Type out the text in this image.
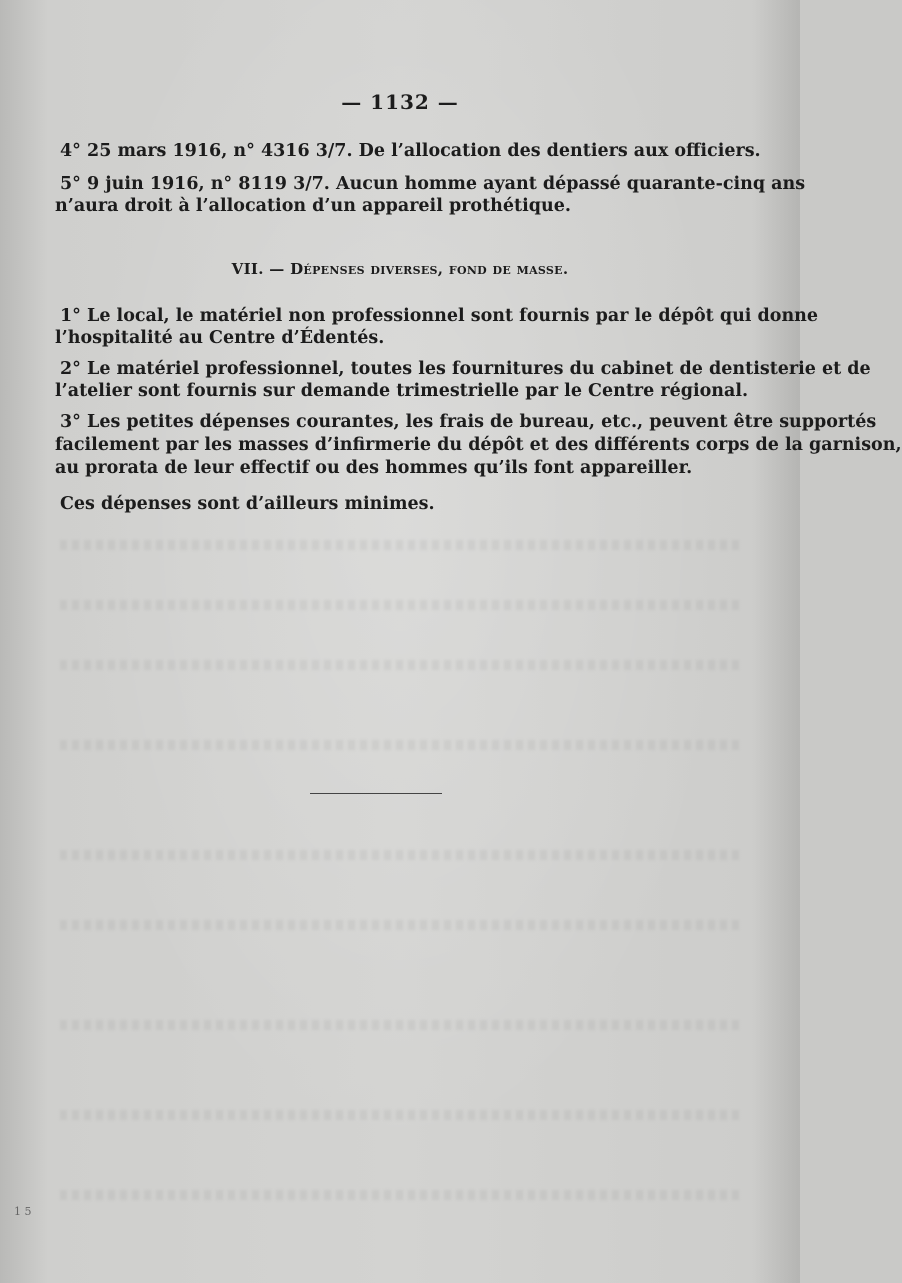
— 1132 —
4° 25 mars 1916, n° 4316 3/7. De l’allocation des dentiers aux officiers.
5° 9 juin 1916, n° 8119 3/7. Aucun homme ayant dépassé quarante-cinq ans
n’aura droit à l’allocation d’un appareil prothétique.
VII. — Dépenses diverses, fond de masse.
1° Le local, le matériel non professionnel sont fournis par le dépôt qui donne
l’hospitalité au Centre d’Édentés.
2° Le matériel professionnel, toutes les fournitures du cabinet de dentisterie et de
l’atelier sont fournis sur demande trimestrielle par le Centre régional.
3° Les petites dépenses courantes, les frais de bureau, etc., peuvent être supportés
facilement par les masses d’infirmerie du dépôt et des différents corps de la garnison,
au prorata de leur effectif ou des hommes qu’ils font appareiller.
Ces dépenses sont d’ailleurs minimes.
1 5
